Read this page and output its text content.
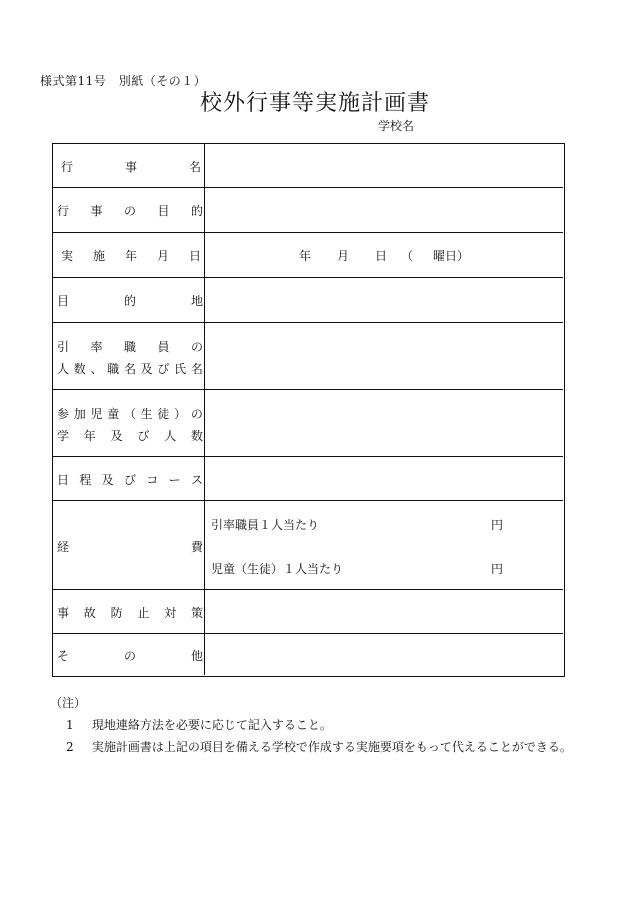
様式第11号　別紙（その１）
校外行事等実施計画書
学校名
行	事	名
行 事 の 目 的
実 施 年 月 日	年 月 日 （ 曜日）
目	的	地
引 率 職 員 の
人 数 、 職 名 及 び 氏 名
参 加 児 童 （ 生 徒 ） の
学 年 及 び 人 数
日 程 及 び コ ー ス
経	費
引率職員１人当たり	円
児童（生徒）１人当たり	円
事 故 防 止 対 策
そ	の	他
（注）
1 現地連絡方法を必要に応じて記入すること。
2 実施計画書は上記の項目を備える学校で作成する実施要項をもって代えることができる。
